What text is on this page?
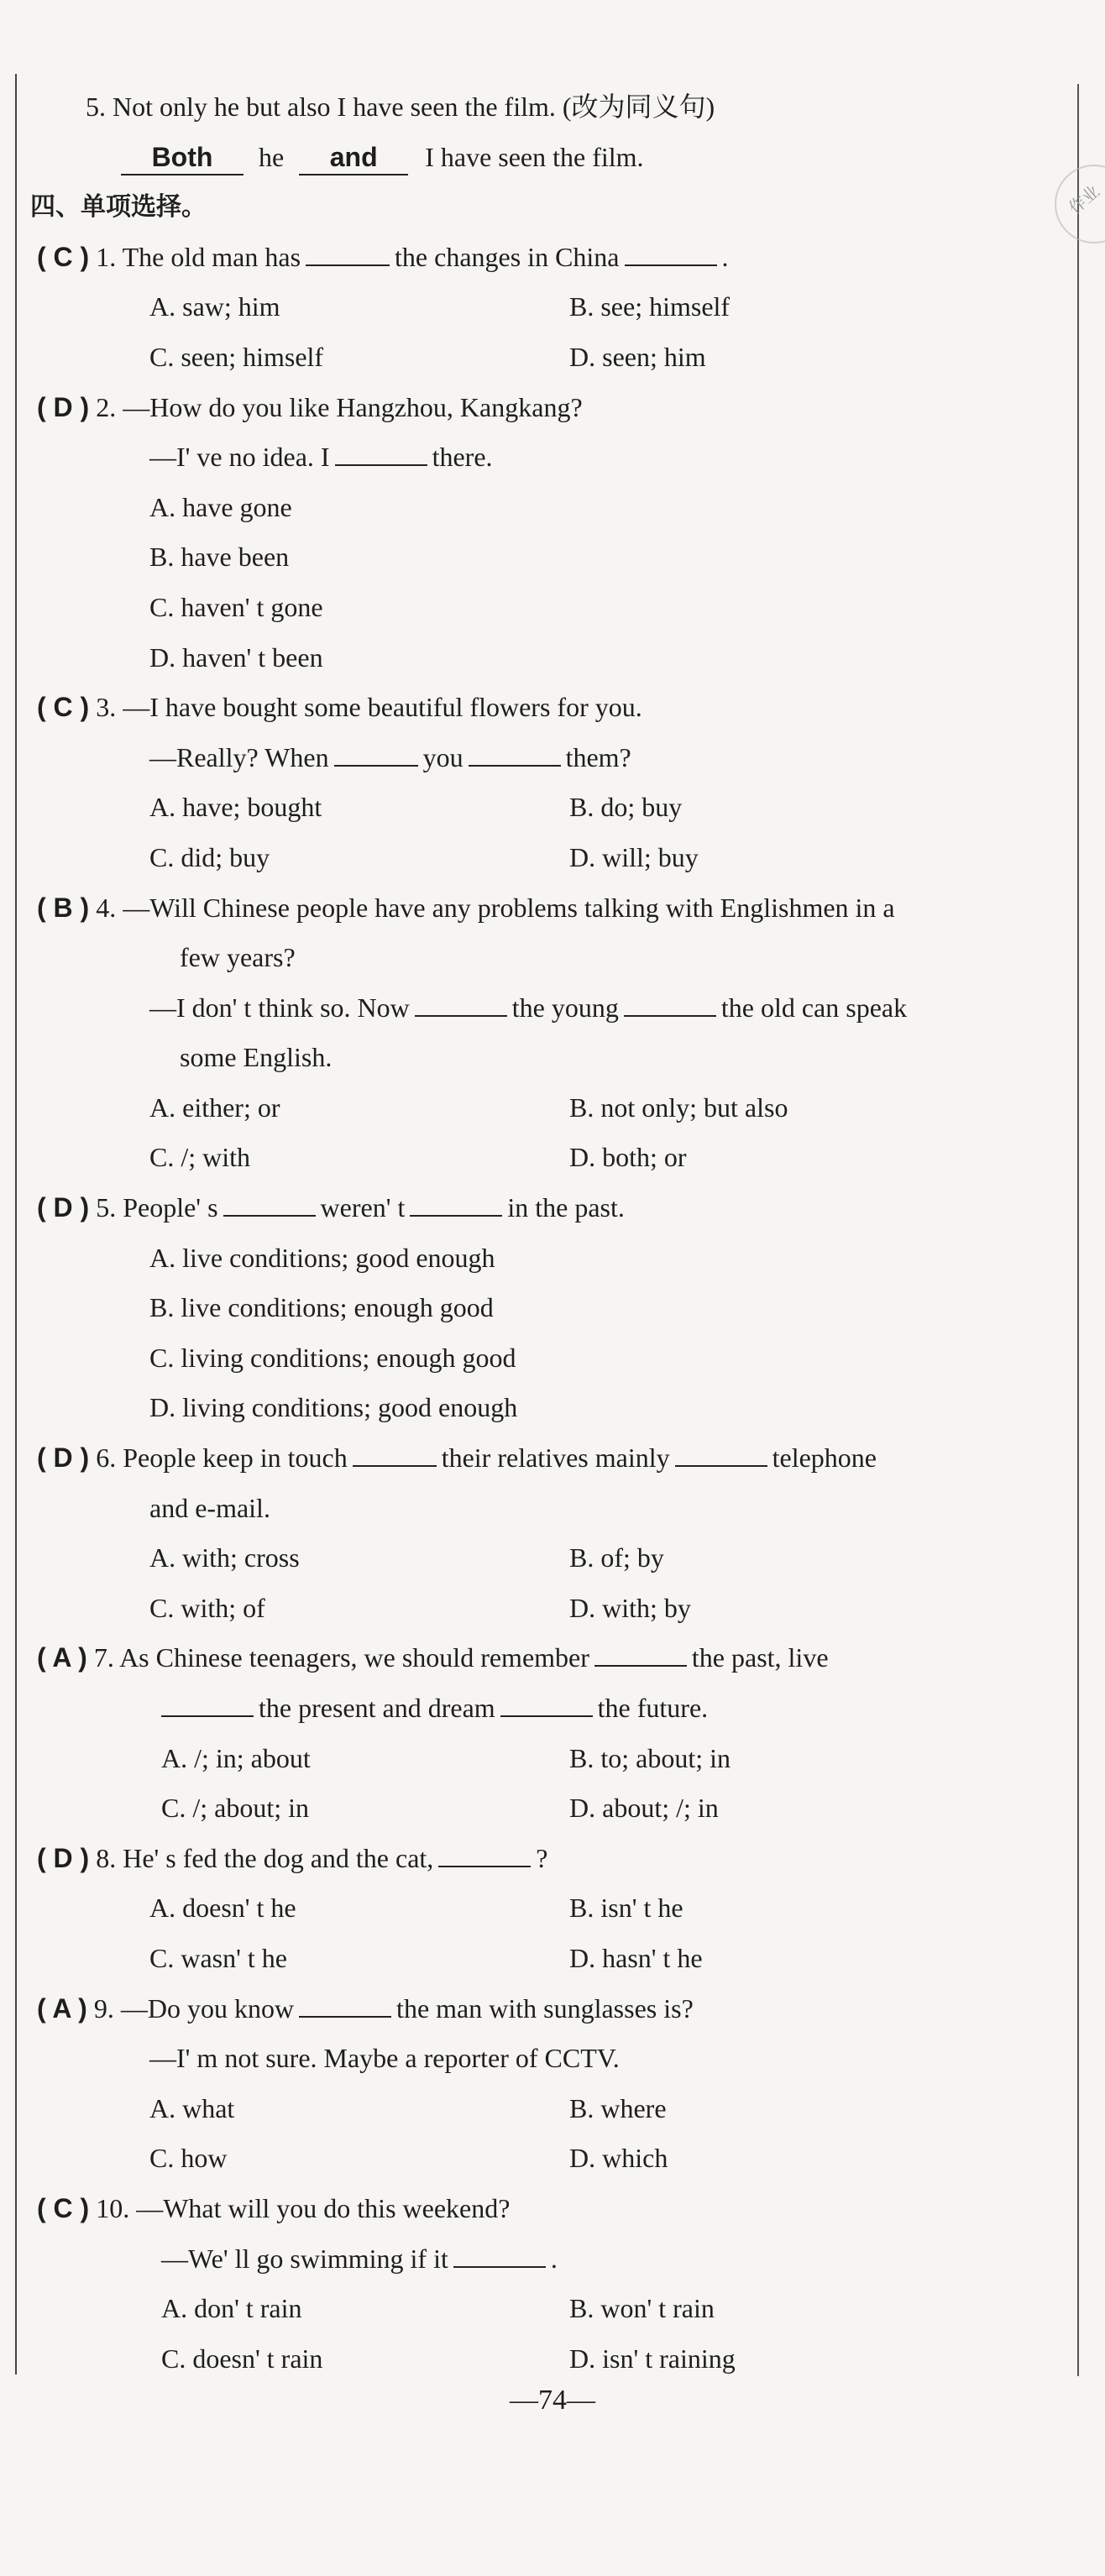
作业
5. Not only he but also I have seen the film. (改为同义句)
Both he and I have seen the film.
四、单项选择。
( C ) 1. The old man has	the changes in China	.
A. saw; him	B. see; himself
C. seen; himself	D. seen; him
( D ) 2. —How do you like Hangzhou, Kangkang?
—I' ve no idea. I	there.
A. have gone
B. have been
C. haven' t gone
D. haven' t been
( C ) 3. —I have bought some beautiful flowers for you.
—Really? When	you	them?
A. have; bought	B. do; buy
C. did; buy	D. will; buy
( B ) 4. —Will Chinese people have any problems talking with Englishmen in a
few years?
—I don' t think so. Now	the young	the old can speak
some English.
A. either; or	B. not only; but also
C. /; with	D. both; or
( D ) 5. People' s	weren' t	in the past.
A. live conditions; good enough
B. live conditions; enough good
C. living conditions; enough good
D. living conditions; good enough
( D ) 6. People keep in touch	their relatives mainly	telephone
and e-mail.
A. with; cross	B. of; by
C. with; of	D. with; by
( A ) 7. As Chinese teenagers, we should remember	the past, live
the present and dream	the future.
A. /; in; about	B. to; about; in
C. /; about; in	D. about; /; in
( D ) 8. He' s fed the dog and the cat,	?
A. doesn' t he	B. isn' t he
C. wasn' t he	D. hasn' t he
( A ) 9. —Do you know	the man with sunglasses is?
—I' m not sure. Maybe a reporter of CCTV.
A. what	B. where
C. how	D. which
( C ) 10. —What will you do this weekend?
—We' ll go swimming if it	.
A. don' t rain	B. won' t rain
C. doesn' t rain	D. isn' t raining
—74—
